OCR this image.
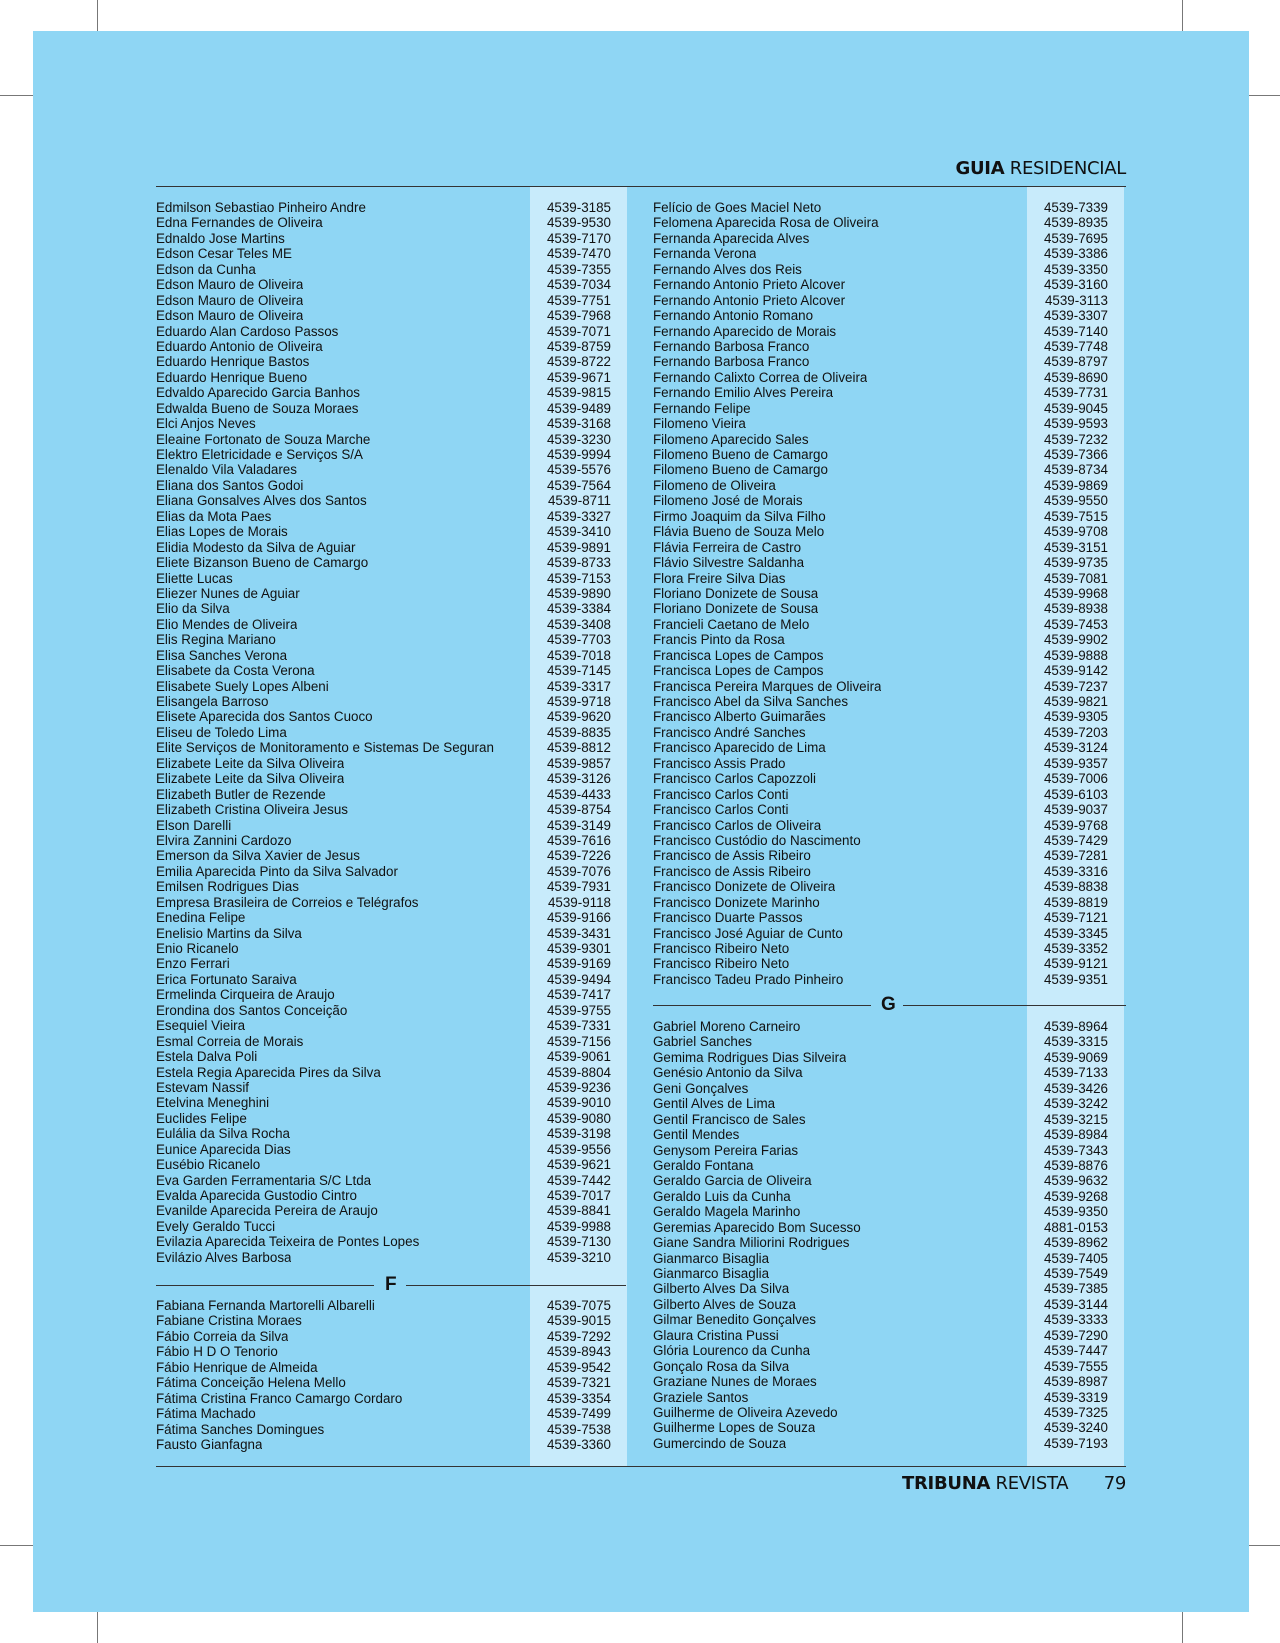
GUIA RESIDENCIAL
Edmilson Sebastiao Pinheiro Andre	4539-3185
Edna Fernandes de Oliveira	4539-9530
Ednaldo Jose Martins	4539-7170
Edson Cesar Teles ME	4539-7470
Edson da Cunha	4539-7355
Edson Mauro de Oliveira	4539-7034
Edson Mauro de Oliveira	4539-7751
Edson Mauro de Oliveira	4539-7968
Eduardo Alan Cardoso Passos	4539-7071
Eduardo Antonio de Oliveira	4539-8759
Eduardo Henrique Bastos	4539-8722
Eduardo Henrique Bueno	4539-9671
Edvaldo Aparecido Garcia Banhos	4539-9815
Edwalda Bueno de Souza Moraes	4539-9489
Elci Anjos Neves	4539-3168
Eleaine Fortonato de Souza Marche	4539-3230
Elektro Eletricidade e Serviços S/A	4539-9994
Elenaldo Vila Valadares	4539-5576
Eliana dos Santos Godoi	4539-7564
Eliana Gonsalves Alves dos Santos	4539-8711
Elias da Mota Paes	4539-3327
Elias Lopes de Morais	4539-3410
Elidia Modesto da Silva de Aguiar	4539-9891
Eliete Bizanson Bueno de Camargo	4539-8733
Eliette Lucas	4539-7153
Eliezer Nunes de Aguiar	4539-9890
Elio da Silva	4539-3384
Elio Mendes de Oliveira	4539-3408
Elis Regina Mariano	4539-7703
Elisa Sanches Verona	4539-7018
Elisabete da Costa Verona	4539-7145
Elisabete Suely Lopes Albeni	4539-3317
Elisangela Barroso	4539-9718
Elisete Aparecida dos Santos Cuoco	4539-9620
Eliseu de Toledo Lima	4539-8835
Elite Serviços de Monitoramento e Sistemas De Seguran	4539-8812
Elizabete Leite da Silva Oliveira	4539-9857
Elizabete Leite da Silva Oliveira	4539-3126
Elizabeth Butler de Rezende	4539-4433
Elizabeth Cristina Oliveira Jesus	4539-8754
Elson Darelli	4539-3149
Elvira Zannini Cardozo	4539-7616
Emerson da Silva Xavier de Jesus	4539-7226
Emilia Aparecida Pinto da Silva Salvador	4539-7076
Emilsen Rodrigues Dias	4539-7931
Empresa Brasileira de Correios e Telégrafos	4539-9118
Enedina Felipe	4539-9166
Enelisio Martins da Silva	4539-3431
Enio Ricanelo	4539-9301
Enzo Ferrari	4539-9169
Erica Fortunato Saraiva	4539-9494
Ermelinda Cirqueira de Araujo	4539-7417
Erondina dos Santos Conceição	4539-9755
Esequiel Vieira	4539-7331
Esmal Correia de Morais	4539-7156
Estela Dalva Poli	4539-9061
Estela Regia Aparecida Pires da Silva	4539-8804
Estevam Nassif	4539-9236
Etelvina Meneghini	4539-9010
Euclides Felipe	4539-9080
Eulália da Silva Rocha	4539-3198
Eunice Aparecida Dias	4539-9556
Eusébio Ricanelo	4539-9621
Eva Garden Ferramentaria S/C Ltda	4539-7442
Evalda Aparecida Gustodio Cintro	4539-7017
Evanilde Aparecida Pereira de Araujo	4539-8841
Evely Geraldo Tucci	4539-9988
Evilazia Aparecida Teixeira de Pontes Lopes	4539-7130
Evilázio Alves Barbosa	4539-3210
F
Fabiana Fernanda Martorelli Albarelli	4539-7075
Fabiane Cristina Moraes	4539-9015
Fábio Correia da Silva	4539-7292
Fábio H D O Tenorio	4539-8943
Fábio Henrique de Almeida	4539-9542
Fátima Conceição Helena Mello	4539-7321
Fátima Cristina Franco Camargo Cordaro	4539-3354
Fátima Machado	4539-7499
Fátima Sanches Domingues	4539-7538
Fausto Gianfagna	4539-3360
Felício de Goes Maciel Neto	4539-7339
Felomena Aparecida Rosa de Oliveira	4539-8935
Fernanda Aparecida Alves	4539-7695
Fernanda Verona	4539-3386
Fernando Alves dos Reis	4539-3350
Fernando Antonio Prieto Alcover	4539-3160
Fernando Antonio Prieto Alcover	4539-3113
Fernando Antonio Romano	4539-3307
Fernando Aparecido de Morais	4539-7140
Fernando Barbosa Franco	4539-7748
Fernando Barbosa Franco	4539-8797
Fernando Calixto Correa de Oliveira	4539-8690
Fernando Emilio Alves Pereira	4539-7731
Fernando Felipe	4539-9045
Filomeno Vieira	4539-9593
Filomeno Aparecido Sales	4539-7232
Filomeno Bueno de Camargo	4539-7366
Filomeno Bueno de Camargo	4539-8734
Filomeno de Oliveira	4539-9869
Filomeno José de Morais	4539-9550
Firmo Joaquim da Silva Filho	4539-7515
Flávia Bueno de Souza Melo	4539-9708
Flávia Ferreira de Castro	4539-3151
Flávio Silvestre Saldanha	4539-9735
Flora Freire Silva Dias	4539-7081
Floriano Donizete de Sousa	4539-9968
Floriano Donizete de Sousa	4539-8938
Francieli Caetano de Melo	4539-7453
Francis Pinto da Rosa	4539-9902
Francisca Lopes de Campos	4539-9888
Francisca Lopes de Campos	4539-9142
Francisca Pereira Marques de Oliveira	4539-7237
Francisco Abel da Silva Sanches	4539-9821
Francisco Alberto Guimarães	4539-9305
Francisco André Sanches	4539-7203
Francisco Aparecido de Lima	4539-3124
Francisco Assis Prado	4539-9357
Francisco Carlos Capozzoli	4539-7006
Francisco Carlos Conti	4539-6103
Francisco Carlos Conti	4539-9037
Francisco Carlos de Oliveira	4539-9768
Francisco Custódio do Nascimento	4539-7429
Francisco de Assis Ribeiro	4539-7281
Francisco de Assis Ribeiro	4539-3316
Francisco Donizete de Oliveira	4539-8838
Francisco Donizete Marinho	4539-8819
Francisco Duarte Passos	4539-7121
Francisco José Aguiar de Cunto	4539-3345
Francisco Ribeiro Neto	4539-3352
Francisco Ribeiro Neto	4539-9121
Francisco Tadeu Prado Pinheiro	4539-9351
G
Gabriel Moreno Carneiro	4539-8964
Gabriel Sanches	4539-3315
Gemima Rodrigues Dias Silveira	4539-9069
Genésio Antonio da Silva	4539-7133
Geni Gonçalves	4539-3426
Gentil Alves de Lima	4539-3242
Gentil Francisco de Sales	4539-3215
Gentil Mendes	4539-8984
Genysom Pereira Farias	4539-7343
Geraldo Fontana	4539-8876
Geraldo Garcia de Oliveira	4539-9632
Geraldo Luis da Cunha	4539-9268
Geraldo Magela Marinho	4539-9350
Geremias Aparecido Bom Sucesso	4881-0153
Giane Sandra Miliorini Rodrigues	4539-8962
Gianmarco Bisaglia	4539-7405
Gianmarco Bisaglia	4539-7549
Gilberto Alves Da Silva	4539-7385
Gilberto Alves de Souza	4539-3144
Gilmar Benedito Gonçalves	4539-3333
Glaura Cristina Pussi	4539-7290
Glória Lourenco da Cunha	4539-7447
Gonçalo Rosa da Silva	4539-7555
Graziane Nunes de Moraes	4539-8987
Graziele Santos	4539-3319
Guilherme de Oliveira Azevedo	4539-7325
Guilherme Lopes de Souza	4539-3240
Gumercindo de Souza	4539-7193
TRIBUNA REVISTA 79
